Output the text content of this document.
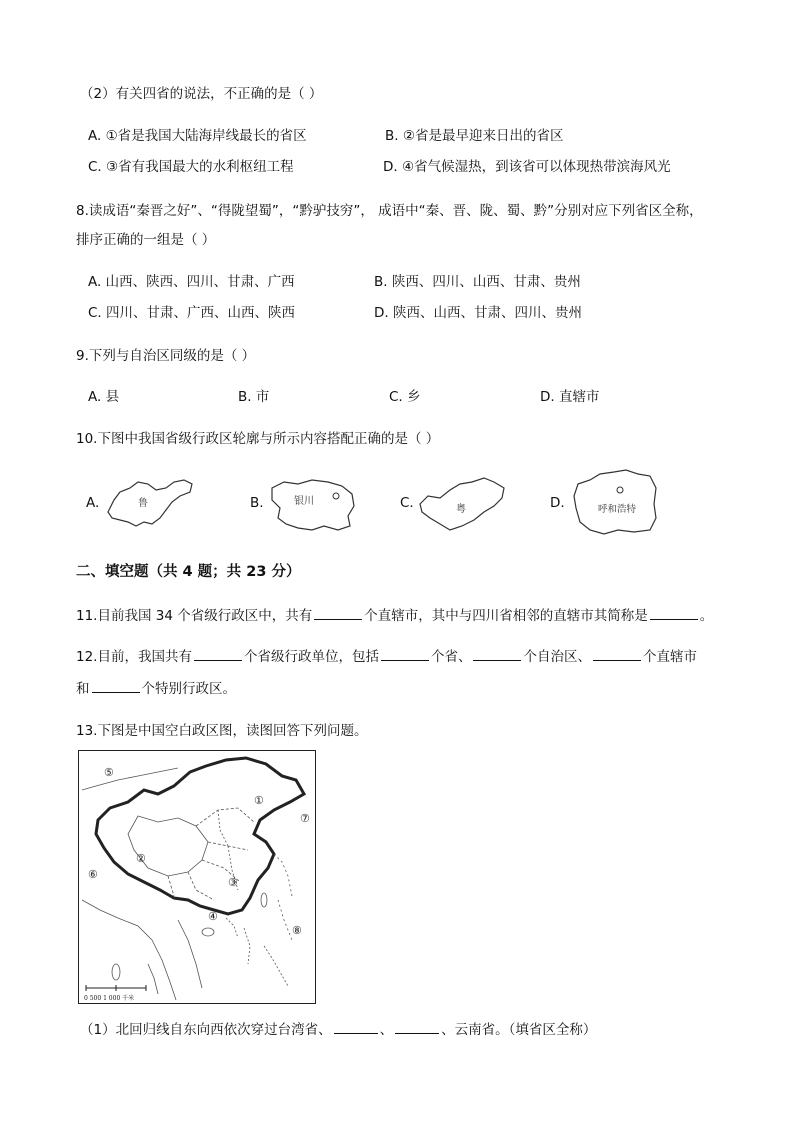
（2）有关四省的说法，不正确的是（ ）
A. ①省是我国大陆海岸线最长的省区	B. ②省是最早迎来日出的省区
C. ③省有我国最大的水利枢纽工程	D. ④省气候湿热，到该省可以体现热带滨海风光
8.读成语“秦晋之好”、“得陇望蜀”，“黔驴技穷”， 成语中“秦、晋、陇、蜀、黔”分别对应下列省区全称，
排序正确的一组是（ ）
A. 山西、陕西、四川、甘肃、广西	B. 陕西、四川、山西、甘肃、贵州
C. 四川、甘肃、广西、山西、陕西	D. 陕西、山西、甘肃、四川、贵州
9.下列与自治区同级的是（ ）
A. 县	B. 市	C. 乡	D. 直辖市
10.下图中我国省级行政区轮廓与所示内容搭配正确的是（ ）
A.	鲁	B.	银川	C.	粤	D.	呼和浩特
二、填空题（共 4 题；共 23 分）
11.目前我国 34 个省级行政区中，共有	个直辖市，其中与四川省相邻的直辖市其简称是	。
12.目前，我国共有	个省级行政单位，包括	个省、	个自治区、	个直辖市
和	个特别行政区。
13.下图是中国空白政区图，读图回答下列问题。
⑤
①
⑦
⑥
②
③
④
⑧
0 500 1 000 千米
（1）北回归线自东向西依次穿过台湾省、	、	、云南省。（填省区全称）
